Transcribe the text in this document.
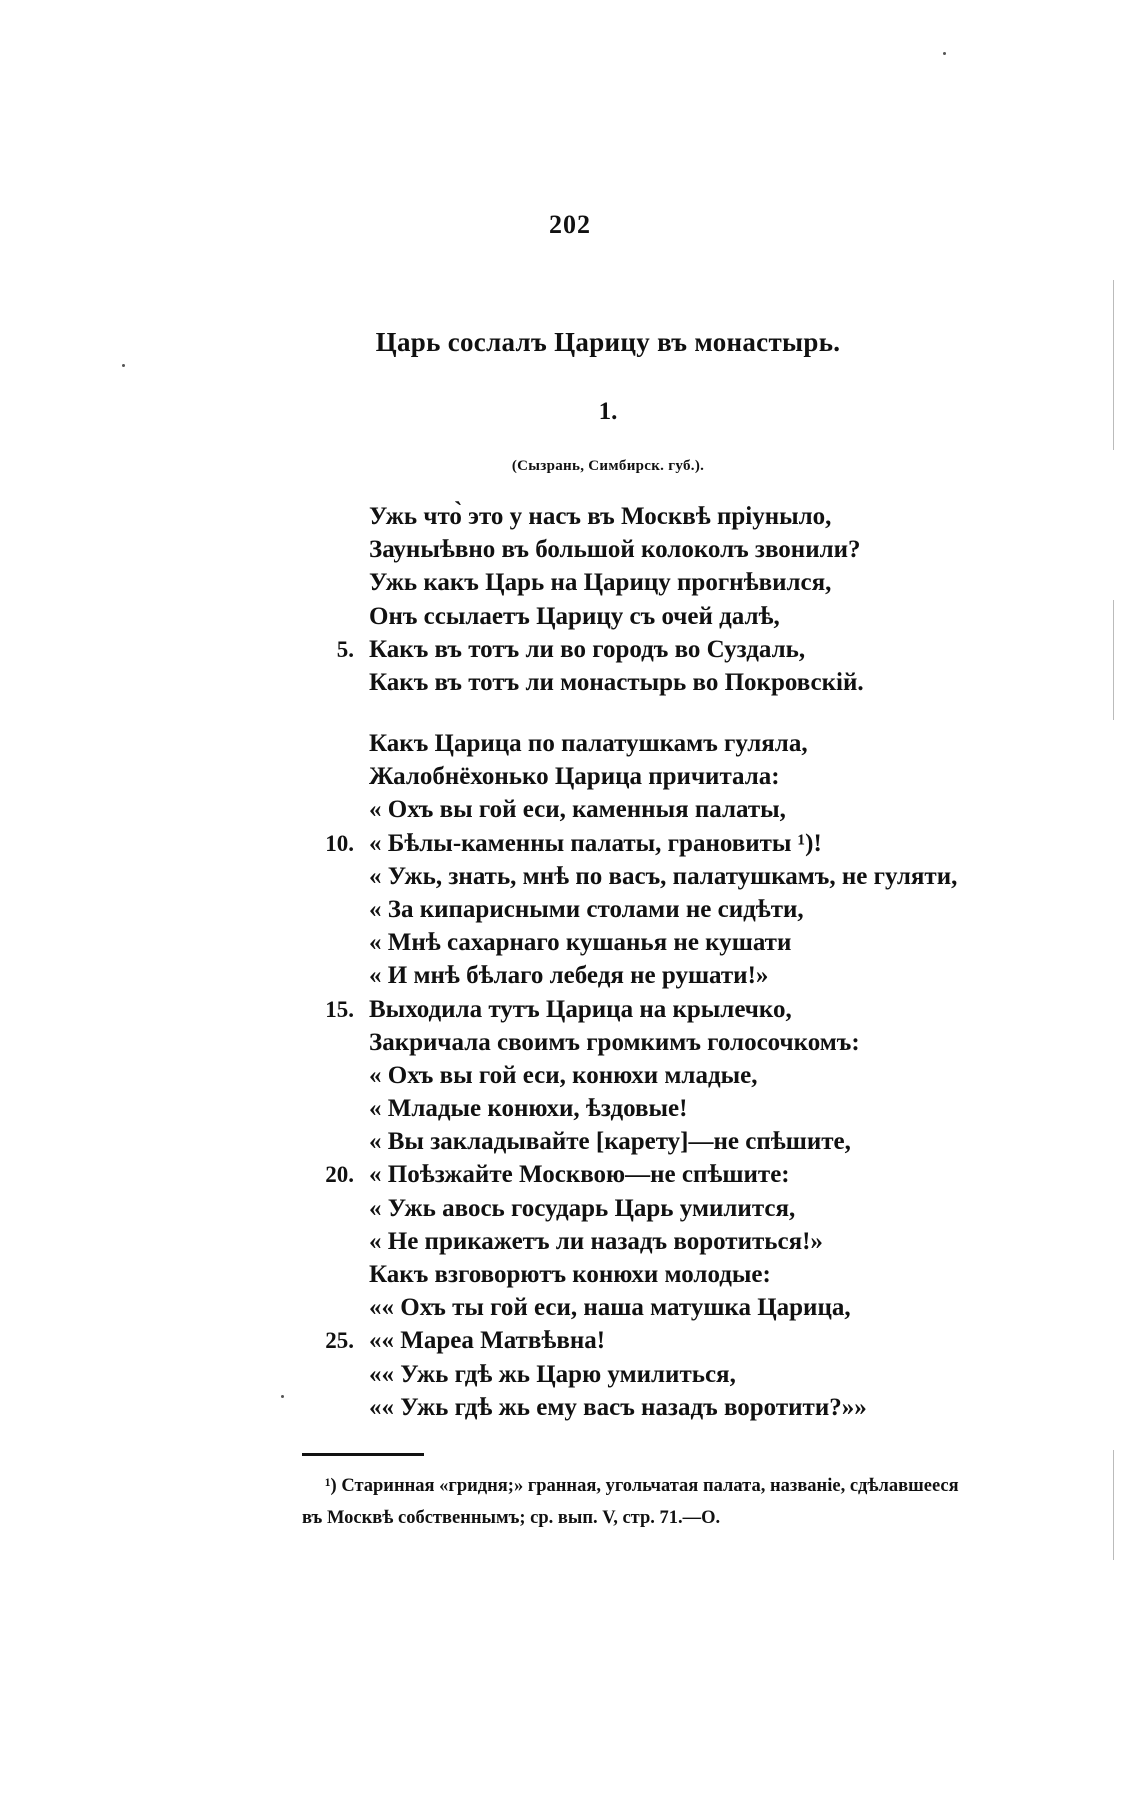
202
Царь сослалъ Царицу въ монастырь.
1.
(Сызрань, Симбирск. губ.).
Ужь что̀ это у насъ въ Москвѣ пріуныло,
Зауныѣвно въ большой колоколъ звонили?
Ужь какъ Царь на Царицу прогнѣвился,
Онъ ссылаетъ Царицу съ очей далѣ,
5. Какъ въ тотъ ли во городъ во Суздаль,
Какъ въ тотъ ли монастырь во Покровскій.
Какъ Царица по палатушкамъ гуляла,
Жалобнёхонько Царица причитала:
« Охъ вы гой еси, каменныя палаты,
10. « Бѣлы-каменны палаты, грановиты ¹)!
« Ужь, знать, мнѣ по васъ, палатушкамъ, не гуляти,
« За кипарисными столами не сидѣти,
« Мнѣ сахарнаго кушанья не кушати
« И мнѣ бѣлаго лебедя не рушати!»
15. Выходила тутъ Царица на крылечко,
Закричала своимъ громкимъ голосочкомъ:
« Охъ вы гой еси, конюхи младые,
« Младые конюхи, ѣздовые!
« Вы закладывайте [карету]—не спѣшите,
20. « Поѣзжайте Москвою—не спѣшите:
« Ужь авось государь Царь умилится,
« Не прикажетъ ли назадъ воротиться!»
Какъ взговорютъ конюхи молодые:
«« Охъ ты гой еси, наша матушка Царица,
25. «« Мареа Матвѣвна!
«« Ужь гдѣ жь Царю умилиться,
«« Ужь гдѣ жь ему васъ назадъ воротити?»»
¹) Старинная «гридня;» гранная, угольчатая палата, названіе, сдѣлавшееся
въ Москвѣ собственнымъ; ср. вып. V, стр. 71.—О.
